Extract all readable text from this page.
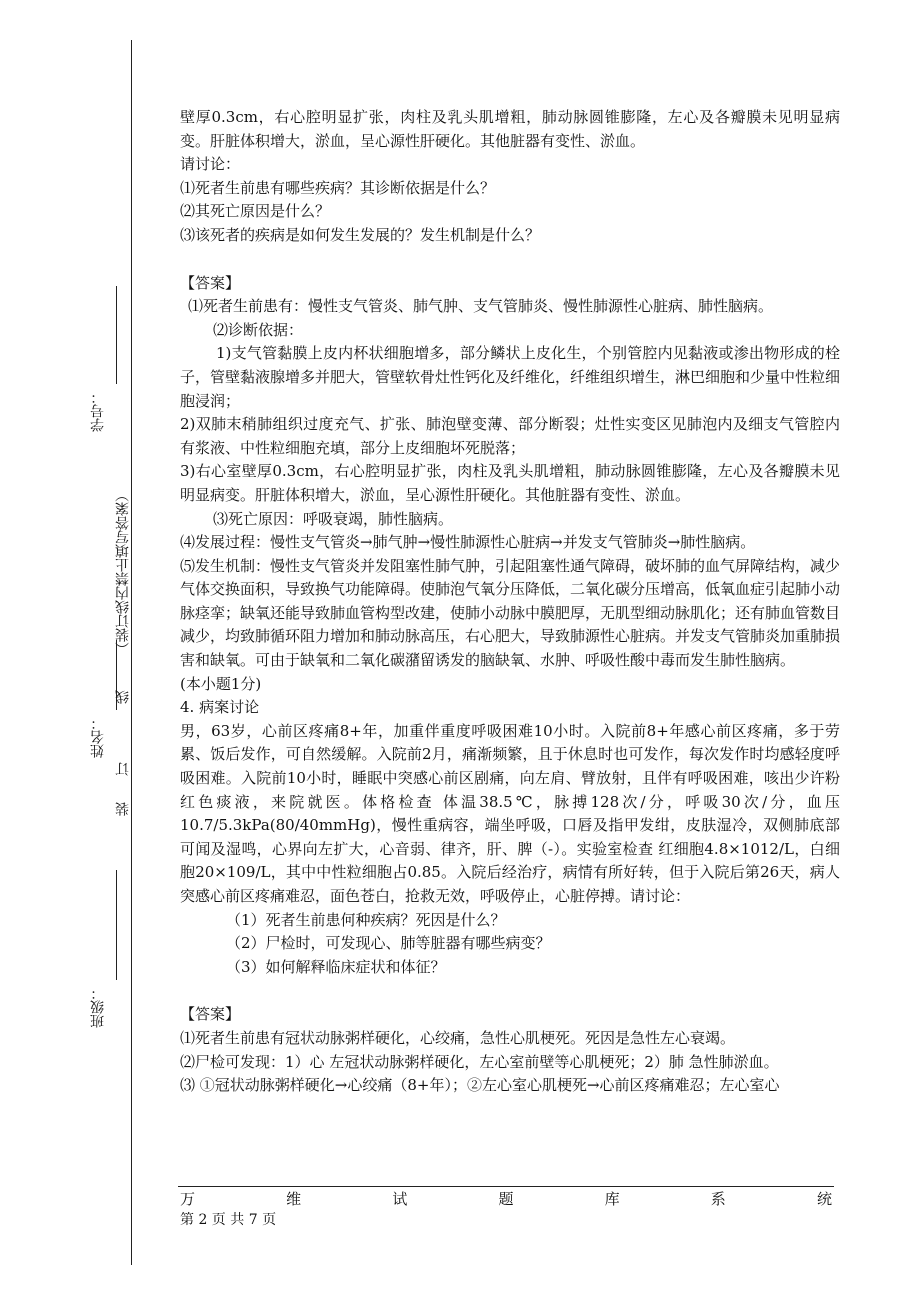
学号：
（装订线内禁止填写答案）
姓名：
线
订
装
班级：

壁厚0.3cm，右心腔明显扩张，肉柱及乳头肌增粗，肺动脉圆锥膨隆，左心及各瓣膜未见明显病变。肝脏体积增大，淤血，呈心源性肝硬化。其他脏器有变性、淤血。

请讨论：

⑴死者生前患有哪些疾病？其诊断依据是什么？

⑵其死亡原因是什么？

⑶该死者的疾病是如何发生发展的？发生机制是什么？

【答案】

⑴死者生前患有：慢性支气管炎、肺气肿、支气管肺炎、慢性肺源性心脏病、肺性脑病。

⑵诊断依据：

1)支气管黏膜上皮内杯状细胞增多，部分鳞状上皮化生，个别管腔内见黏液或渗出物形成的栓子，管壁黏液腺增多并肥大，管壁软骨灶性钙化及纤维化，纤维组织增生，淋巴细胞和少量中性粒细胞浸润；

2)双肺末稍肺组织过度充气、扩张、肺泡壁变薄、部分断裂；灶性实变区见肺泡内及细支气管腔内有浆液、中性粒细胞充填，部分上皮细胞坏死脱落；

3)右心室壁厚0.3cm，右心腔明显扩张，肉柱及乳头肌增粗，肺动脉圆锥膨隆，左心及各瓣膜未见明显病变。肝脏体积增大，淤血，呈心源性肝硬化。其他脏器有变性、淤血。

⑶死亡原因：呼吸衰竭，肺性脑病。

⑷发展过程：慢性支气管炎→肺气肿→慢性肺源性心脏病→并发支气管肺炎→肺性脑病。

⑸发生机制：慢性支气管炎并发阻塞性肺气肿，引起阻塞性通气障碍，破坏肺的血气屏障结构，减少气体交换面积，导致换气功能障碍。使肺泡气氧分压降低，二氧化碳分压增高，低氧血症引起肺小动脉痉挛；缺氧还能导致肺血管构型改建，使肺小动脉中膜肥厚，无肌型细动脉肌化；还有肺血管数目减少，均致肺循环阻力增加和肺动脉高压，右心肥大，导致肺源性心脏病。并发支气管肺炎加重肺损害和缺氧。可由于缺氧和二氧化碳潴留诱发的脑缺氧、水肿、呼吸性酸中毒而发生肺性脑病。

(本小题1分)

4. 病案讨论

男，63岁，心前区疼痛8+年，加重伴重度呼吸困难10小时。入院前8+年感心前区疼痛，多于劳累、饭后发作，可自然缓解。入院前2月，痛渐频繁，且于休息时也可发作，每次发作时均感轻度呼吸困难。入院前10小时，睡眠中突感心前区剧痛，向左肩、臂放射，且伴有呼吸困难，咳出少许粉红色痰液，来院就医。体格检查 体温38.5℃，脉搏128次/分，呼吸30次/分，血压10.7/5.3kPa(80/40mmHg)，慢性重病容，端坐呼吸，口唇及指甲发绀，皮肤湿冷，双侧肺底部可闻及湿鸣，心界向左扩大，心音弱、律齐，肝、脾（-）。实验室检查 红细胞4.8×1012/L，白细胞20×109/L，其中中性粒细胞占0.85。入院后经治疗，病情有所好转，但于入院后第26天，病人突感心前区疼痛难忍，面色苍白，抢救无效，呼吸停止，心脏停搏。请讨论：

（1）死者生前患何种疾病？死因是什么？

（2）尸检时，可发现心、肺等脏器有哪些病变？

（3）如何解释临床症状和体征？

【答案】

⑴死者生前患有冠状动脉粥样硬化，心绞痛，急性心肌梗死。死因是急性左心衰竭。

⑵尸检可发现：1）心 左冠状动脉粥样硬化，左心室前壁等心肌梗死；2）肺 急性肺淤血。

⑶ ①冠状动脉粥样硬化→心绞痛（8+年）；②左心室心肌梗死→心前区疼痛难忍；左心室心

万	维	试	题	库	系	统
第 2 页 共 7 页
